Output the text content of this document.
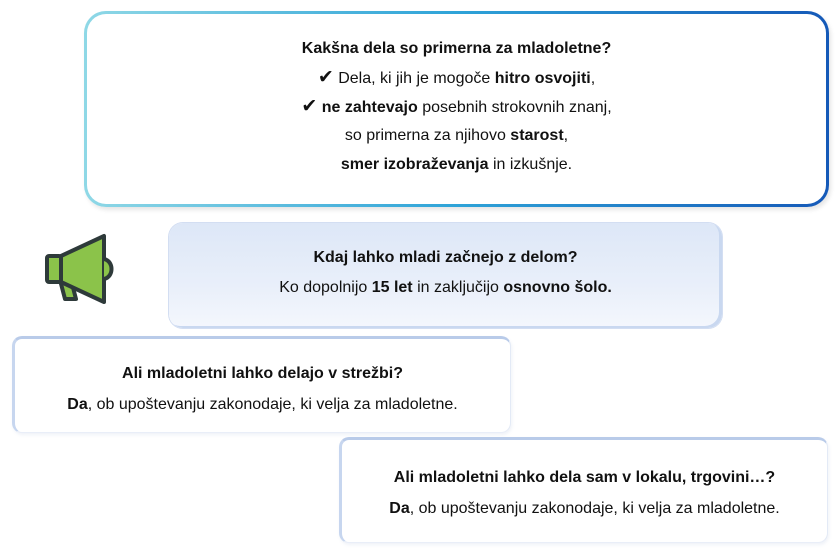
Kakšna dela so primerna za mladoletne?
✔ Dela, ki jih je mogoče hitro osvojiti,
✔ ne zahtevajo posebnih strokovnih znanj,
so primerna za njihovo starost,
smer izobraževanja in izkušnje.
Kdaj lahko mladi začnejo z delom?
Ko dopolnijo 15 let in zaključijo osnovno šolo.
Ali mladoletni lahko delajo v strežbi?
Da, ob upoštevanju zakonodaje, ki velja za mladoletne.
Ali mladoletni lahko dela sam v lokalu, trgovini…?
Da, ob upoštevanju zakonodaje, ki velja za mladoletne.
